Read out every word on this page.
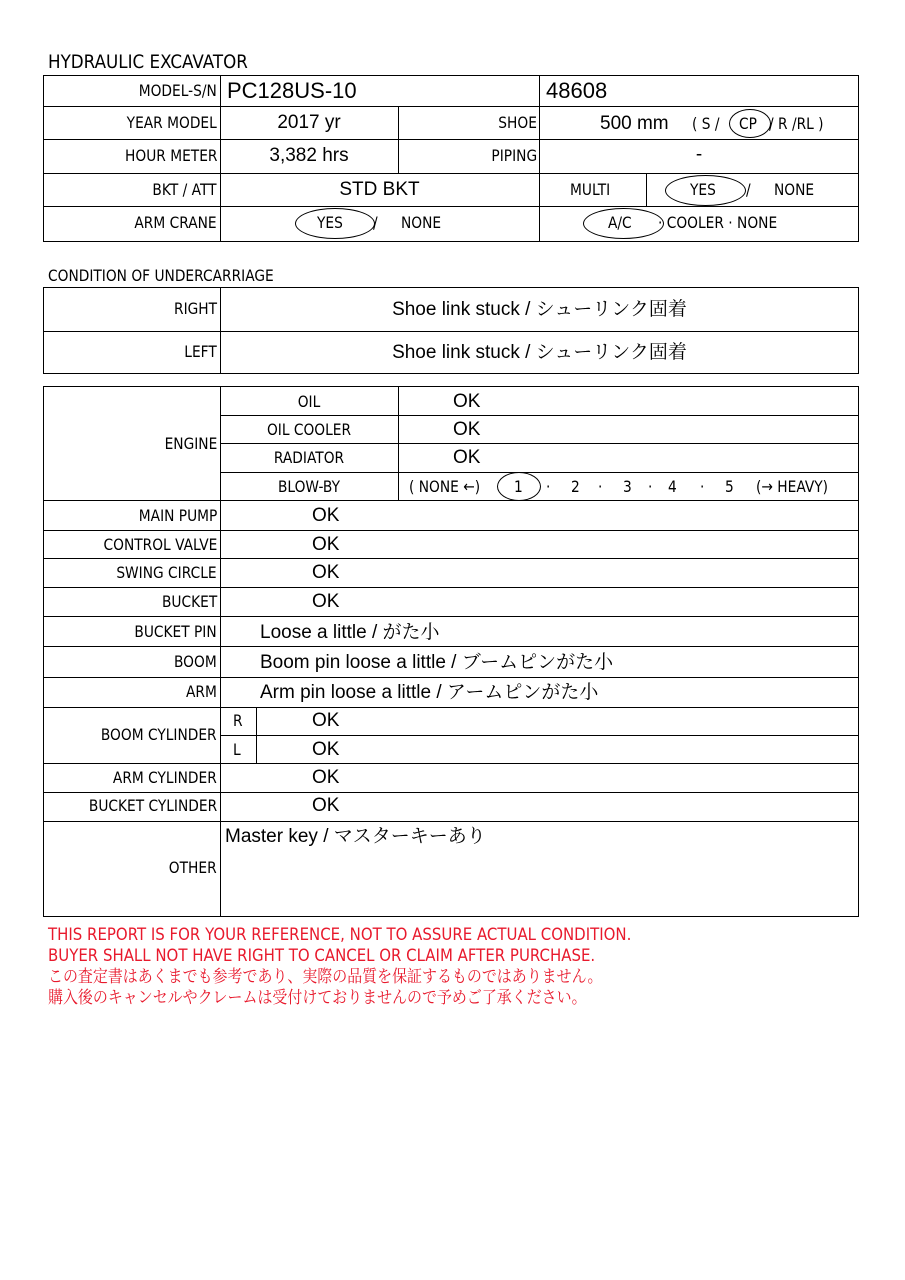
HYDRAULIC EXCAVATOR
MODEL-S/N PC128US-10	48608
YEAR MODEL	2017 yr	SHOE	500 mm ( S / CP / R /RL )
HOUR METER	3,382 hrs	PIPING	-
BKT / ATT	STD BKT	MULTI	YES / NONE
ARM CRANE	YES / NONE	A/C · COOLER · NONE
CONDITION OF UNDERCARRIAGE
RIGHT	Shoe link stuck / シューリンク固着
LEFT	Shoe link stuck / シューリンク固着
ENGINE
OIL	OK
OIL COOLER	OK
RADIATOR	OK
BLOW-BY	( NONE ←) 1 · 2 · 3 · 4 · 5 (→ HEAVY)
MAIN PUMP	OK
CONTROL VALVE	OK
SWING CIRCLE	OK
BUCKET	OK
BUCKET PIN Loose a little / がた小
BOOM Boom pin loose a little / ブームピンがた小
ARM Arm pin loose a little / アームピンがた小
BOOM CYLINDER
R	OK
L	OK
ARM CYLINDER	OK
BUCKET CYLINDER	OK
OTHER
Master key / マスターキーあり
THIS REPORT IS FOR YOUR REFERENCE, NOT TO ASSURE ACTUAL CONDITION.
BUYER SHALL NOT HAVE RIGHT TO CANCEL OR CLAIM AFTER PURCHASE.
この査定書はあくまでも参考であり、実際の品質を保証するものではありません。
購入後のキャンセルやクレームは受付けておりませんので予めご了承ください。
